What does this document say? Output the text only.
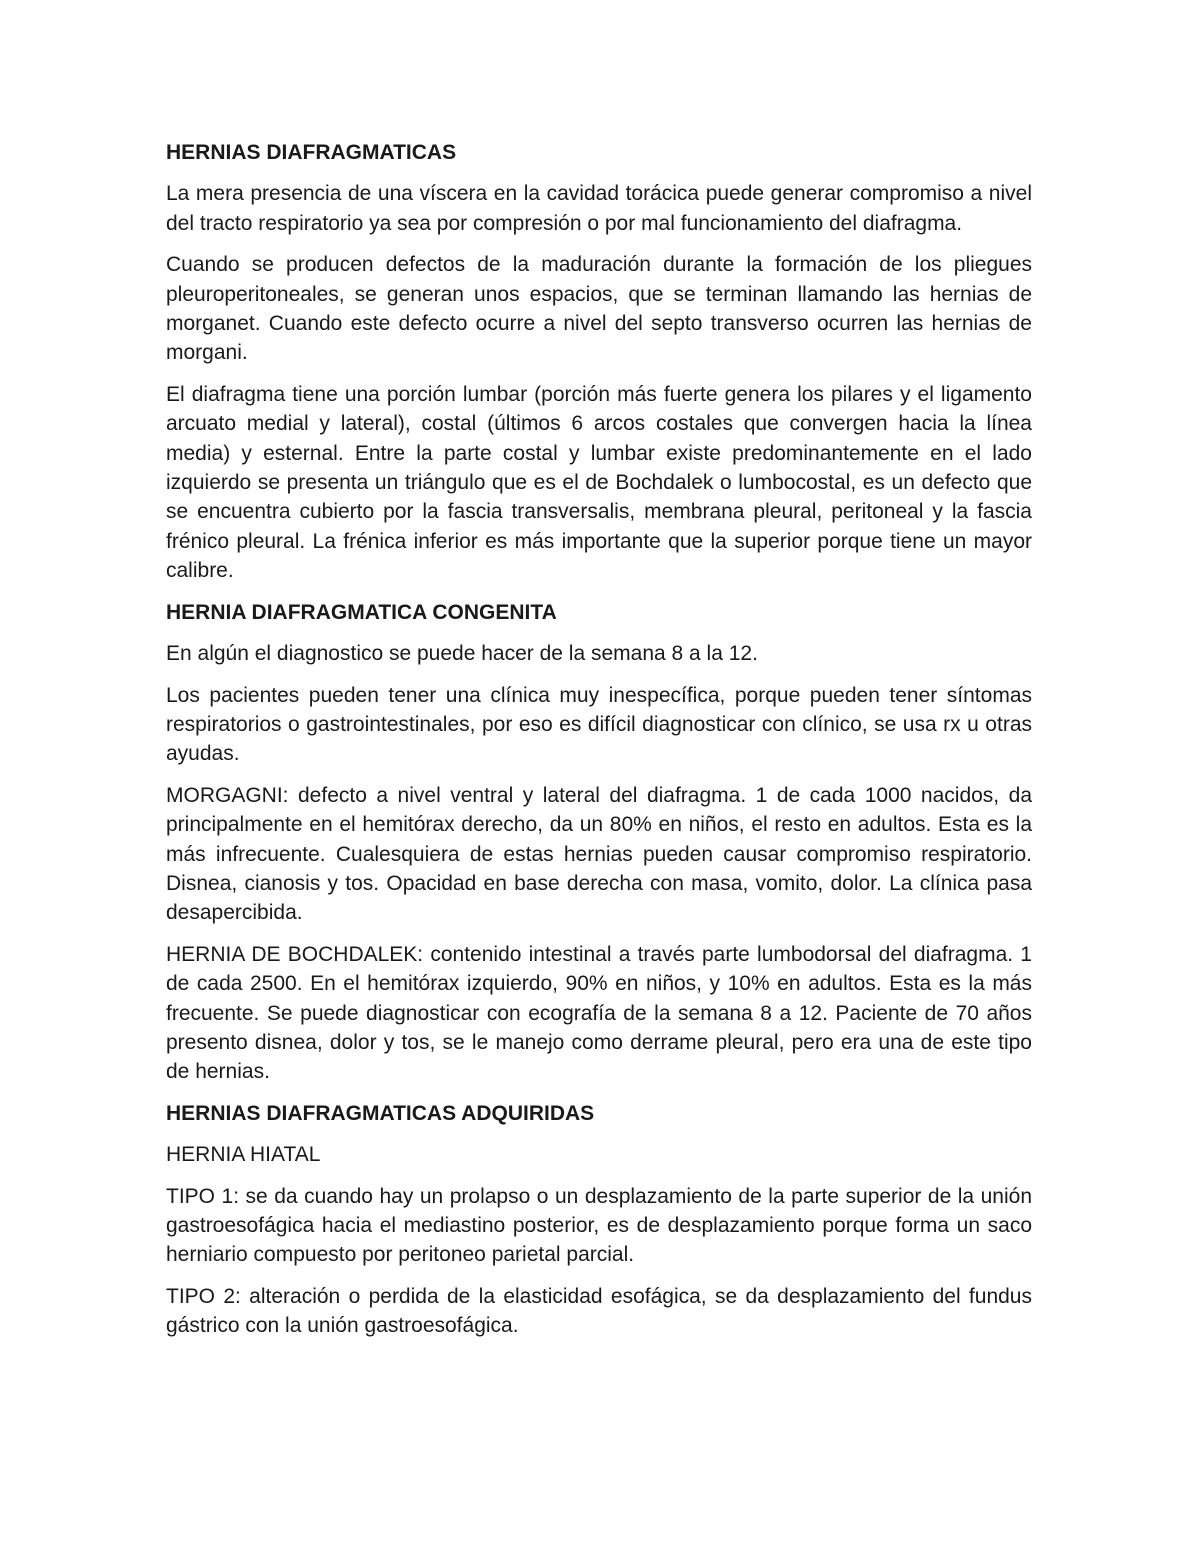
HERNIAS DIAFRAGMATICAS
La mera presencia de una víscera en la cavidad torácica puede generar compromiso a nivel del tracto respiratorio ya sea por compresión o por mal funcionamiento del diafragma.
Cuando se producen defectos de la maduración durante la formación de los pliegues pleuroperitoneales, se generan unos espacios, que se terminan llamando las hernias de morganet. Cuando este defecto ocurre a nivel del septo transverso ocurren las hernias de morgani.
El diafragma tiene una porción lumbar (porción más fuerte genera los pilares y el ligamento arcuato medial y lateral), costal (últimos 6 arcos costales que convergen hacia la línea media) y esternal. Entre la parte costal y lumbar existe predominantemente en el lado izquierdo se presenta un triángulo que es el de Bochdalek o lumbocostal, es un defecto que se encuentra cubierto por la fascia transversalis, membrana pleural, peritoneal y la fascia frénico pleural. La frénica inferior es más importante que la superior porque tiene un mayor calibre.
HERNIA DIAFRAGMATICA CONGENITA
En algún el diagnostico se puede hacer de la semana 8 a la 12.
Los pacientes pueden tener una clínica muy inespecífica, porque pueden tener síntomas respiratorios o gastrointestinales, por eso es difícil diagnosticar con clínico, se usa rx u otras ayudas.
MORGAGNI: defecto a nivel ventral y lateral del diafragma. 1 de cada 1000 nacidos, da principalmente en el hemitórax derecho, da un 80% en niños, el resto en adultos. Esta es la más infrecuente. Cualesquiera de estas hernias pueden causar compromiso respiratorio. Disnea, cianosis y tos. Opacidad en base derecha con masa, vomito, dolor. La clínica pasa desapercibida.
HERNIA DE BOCHDALEK: contenido intestinal a través parte lumbodorsal del diafragma. 1 de cada 2500. En el hemitórax izquierdo, 90% en niños, y 10% en adultos. Esta es la más frecuente. Se puede diagnosticar con ecografía de la semana 8 a 12. Paciente de 70 años presento disnea, dolor y tos, se le manejo como derrame pleural, pero era una de este tipo de hernias.
HERNIAS DIAFRAGMATICAS ADQUIRIDAS
HERNIA HIATAL
TIPO 1: se da cuando hay un prolapso o un desplazamiento de la parte superior de la unión gastroesofágica hacia el mediastino posterior, es de desplazamiento porque forma un saco herniario compuesto por peritoneo parietal parcial.
TIPO 2: alteración o perdida de la elasticidad esofágica, se da desplazamiento del fundus gástrico con la unión gastroesofágica.
